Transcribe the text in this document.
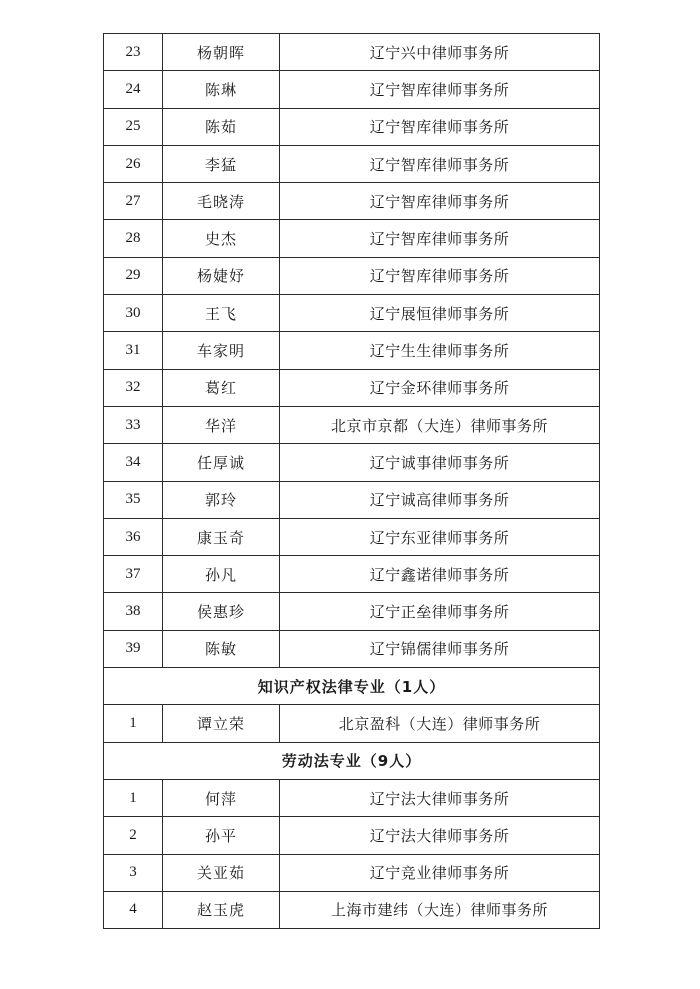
23	杨朝晖	辽宁兴中律师事务所
24	陈琳	辽宁智库律师事务所
25	陈茹	辽宁智库律师事务所
26	李猛	辽宁智库律师事务所
27	毛晓涛	辽宁智库律师事务所
28	史杰	辽宁智库律师事务所
29	杨婕妤	辽宁智库律师事务所
30	王飞	辽宁展恒律师事务所
31	车家明	辽宁生生律师事务所
32	葛红	辽宁金环律师事务所
33	华洋	北京市京都（大连）律师事务所
34	任厚诚	辽宁诚事律师事务所
35	郭玲	辽宁诚高律师事务所
36	康玉奇	辽宁东亚律师事务所
37	孙凡	辽宁鑫诺律师事务所
38	侯惠珍	辽宁正垒律师事务所
39	陈敏	辽宁锦儒律师事务所
知识产权法律专业（1人）		
1	谭立荣	北京盈科（大连）律师事务所
劳动法专业（9人）		
1	何萍	辽宁法大律师事务所
2	孙平	辽宁法大律师事务所
3	关亚茹	辽宁竞业律师事务所
4	赵玉虎	上海市建纬（大连）律师事务所
